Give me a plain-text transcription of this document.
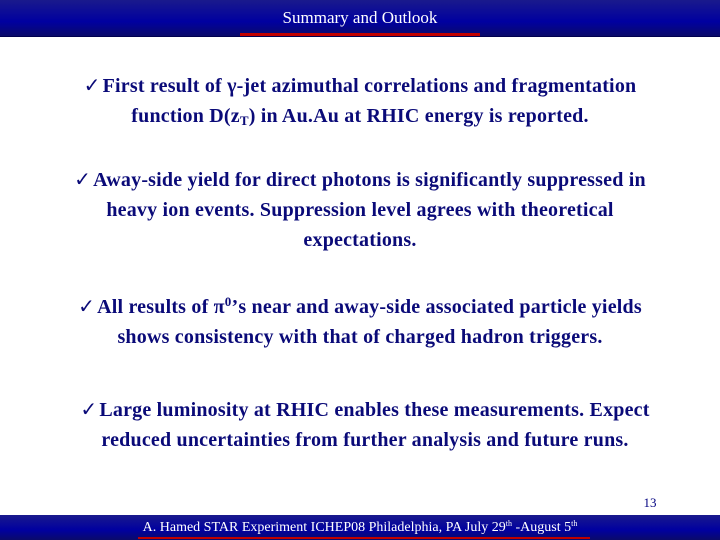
Summary and Outlook
✓ First result of γ-jet azimuthal correlations and fragmentation
function $D(z_T)$ in Au.Au at RHIC energy is reported.
✓ Away-side yield for direct photons is significantly suppressed in
heavy ion events. Suppression level agrees with theoretical
expectations.
✓ All results of $\pi^0’s$ near and away-side associated particle yields
shows consistency with that of charged hadron triggers.
✓ Large luminosity at RHIC enables these measurements. Expect
reduced uncertainties from further analysis and future runs.
13
A. Hamed STAR Experiment ICHEP08 Philadelphia, PA July 29th -August 5th
